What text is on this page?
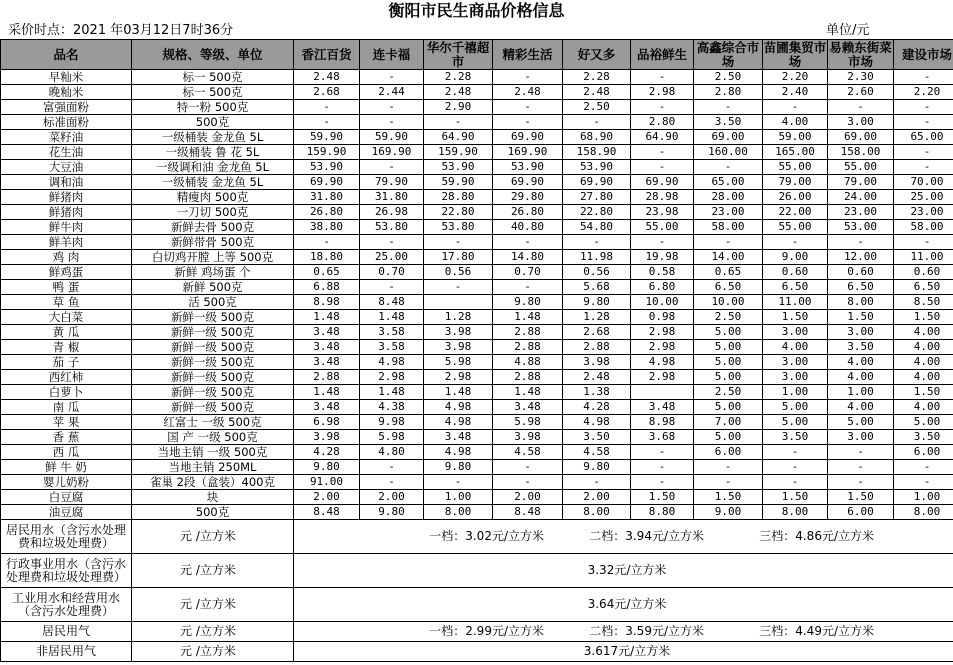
衡阳市民生商品价格信息
采价时点：2021 年03月12日7时36分	单位/元
品名	规格、等级、单位	香江百货	连卡福	华尔千禧超 市	精彩生活	好又多	品裕鲜生	高鑫综合市 场	苗圃集贸市 场	易赖东街菜市场	建设市场
早籼米	标一 500克	2.48	-	2.28	-	2.28	-	2.50	2.20	2.30	-
晚籼米	标一 500克	2.68	2.44	2.48	2.48	2.48	2.98	2.80	2.40	2.60	2.20
富强面粉	特一粉 500克	-	-	2.90	-	2.50	-	-	-	-	-
标准面粉	500克	-	-	-	-	-	2.80	3.50	4.00	3.00	-
菜籽油	一级桶装 金龙鱼 5L	59.90	59.90	64.90	69.90	68.90	64.90	69.00	59.00	69.00	65.00
花生油	一级桶装 鲁 花 5L	159.90	169.90	159.90	169.90	158.90	-	160.00	165.00	158.00	-
大豆油	一级调和油 金龙鱼 5L	53.90	-	53.90	53.90	53.90	-	-	55.00	55.00	-
调和油	一级桶装 金龙鱼 5L	69.90	79.90	59.90	69.90	69.90	69.90	65.00	79.00	79.00	70.00
鲜猪肉	精瘦肉 500克	31.80	31.80	28.80	29.80	27.80	28.98	28.00	26.00	24.00	25.00
鲜猪肉	一刀切 500克	26.80	26.98	22.80	26.80	22.80	23.98	23.00	22.00	23.00	23.00
鲜牛肉	新鲜去骨 500克	38.80	53.80	53.80	40.80	54.80	55.00	58.00	55.00	53.00	58.00
鲜羊肉	新鲜带骨 500克	-	-	-	-	-	-	-	-	-	-
鸡 肉	白切鸡开膛 上等 500克	18.80	25.00	17.80	14.80	11.98	19.98	14.00	9.00	12.00	11.00
鲜鸡蛋	新鲜 鸡场蛋 个	0.65	0.70	0.56	0.70	0.56	0.58	0.65	0.60	0.60	0.60
鸭 蛋	新鲜 500克	6.88	-	-	-	5.68	6.80	6.50	6.50	6.50	6.50
草 鱼	活 500克	8.98	8.48		9.80	9.80	10.00	10.00	11.00	8.00	8.50
大白菜	新鲜一级 500克	1.48	1.48	1.28	1.48	1.28	0.98	2.50	1.50	1.50	1.50
黄 瓜	新鲜一级 500克	3.48	3.58	3.98	2.88	2.68	2.98	5.00	3.00	3.00	4.00
青 椒	新鲜一级 500克	3.48	3.58	3.98	2.88	2.88	2.98	5.00	4.00	3.50	4.00
茄 子	新鲜一级 500克	3.48	4.98	5.98	4.88	3.98	4.98	5.00	3.00	4.00	4.00
西红柿	新鲜一级 500克	2.88	2.98	2.98	2.88	2.48	2.98	5.00	3.00	4.00	4.00
白萝卜	新鲜一级 500克	1.48	1.48	1.48	1.48	1.38		2.50	1.00	1.00	1.50
南 瓜	新鲜一级 500克	3.48	4.38	4.98	3.48	4.28	3.48	5.00	5.00	4.00	4.00
苹 果	红富士 一级 500克	6.98	9.98	4.98	5.98	4.98	8.98	7.00	5.00	5.00	5.00
香 蕉	国 产 一级 500克	3.98	5.98	3.48	3.98	3.50	3.68	5.00	3.50	3.00	3.50
西 瓜	当地主销 一级 500克	4.28	4.80	4.98	4.58	4.58	-	6.00	-	-	6.00
鲜 牛 奶	当地主销 250ML	9.80	-	9.80	-	9.80	-	-	-	-	-
婴儿奶粉	雀巢 2段（盒装）400克	91.00	-	-	-	-	-	-	-	-	-
白豆腐	块	2.00	2.00	1.00	2.00	2.00	1.50	1.50	1.50	1.50	1.00
油豆腐	500克	8.48	9.80	8.00	8.48	8.00	8.80	9.00	8.00	6.00	8.00
居民用水（含污水处理费和垃圾处理费）	元 /立方米	一档：3.02元/立方米 二档：3.94元/立方米 三档：4.86元/立方米									
行政事业用水（含污水处理费和垃圾处理费）	元 /立方米	3.32元/立方米									
工业用水和经营用水（含污水处理费）	元 /立方米	3.64元/立方米									
居民用气	元 /立方米	一档：2.99元/立方米 二档：3.59元/立方米 三档：4.49元/立方米									
非居民用气	元 /立方米	3.617元/立方米									
